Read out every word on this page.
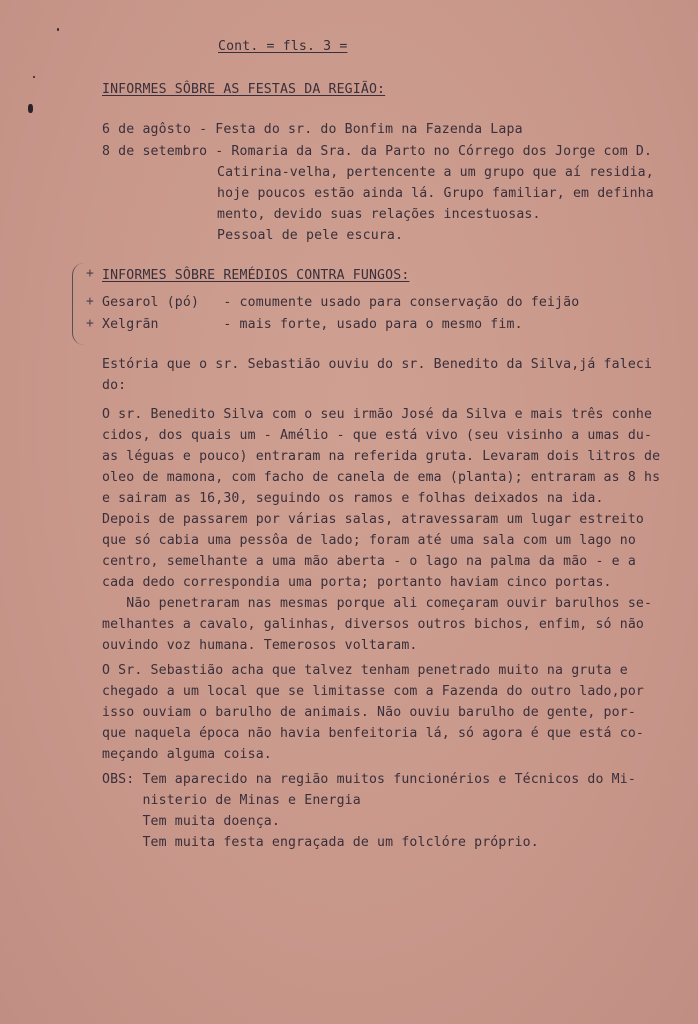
Cont. = fls. 3 =
INFORMES SÔBRE AS FESTAS DA REGIÃO:
6 de agôsto - Festa do sr. do Bonfim na Fazenda Lapa
8 de setembro - Romaria da Sra. da Parto no Córrego dos Jorge com D.
Catirina-velha, pertencente a um grupo que aí residia,
hoje poucos estão ainda lá. Grupo familiar, em definha
mento, devido suas relações incestuosas.
Pessoal de pele escura.
+
+
+
INFORMES SÔBRE REMÉDIOS CONTRA FUNGOS:
Gesarol (pó)   - comumente usado para conservação do feijão
Xelgrãn        - mais forte, usado para o mesmo fim.
Estória que o sr. Sebastião ouviu do sr. Benedito da Silva,já faleci
do:
O sr. Benedito Silva com o seu irmão José da Silva e mais três conhe
cidos, dos quais um - Amélio - que está vivo (seu visinho a umas du-
as léguas e pouco) entraram na referida gruta. Levaram dois litros de
oleo de mamona, com facho de canela de ema (planta); entraram as 8 hs
e sairam as 16,30, seguindo os ramos e folhas deixados na ida.
Depois de passarem por várias salas, atravessaram um lugar estreito
que só cabia uma pessôa de lado; foram até uma sala com um lago no
centro, semelhante a uma mão aberta - o lago na palma da mão - e a
cada dedo correspondia uma porta; portanto haviam cinco portas.
Não penetraram nas mesmas porque ali começaram ouvir barulhos se-
melhantes a cavalo, galinhas, diversos outros bichos, enfim, só não
ouvindo voz humana. Temerosos voltaram.
O Sr. Sebastião acha que talvez tenham penetrado muito na gruta e
chegado a um local que se limitasse com a Fazenda do outro lado,por
isso ouviam o barulho de animais. Não ouviu barulho de gente, por-
que naquela época não havia benfeitoria lá, só agora é que está co-
meçando alguma coisa.
OBS: Tem aparecido na região muitos funcionérios e Técnicos do Mi-
nisterio de Minas e Energia
Tem muita doença.
Tem muita festa engraçada de um folclóre próprio.
